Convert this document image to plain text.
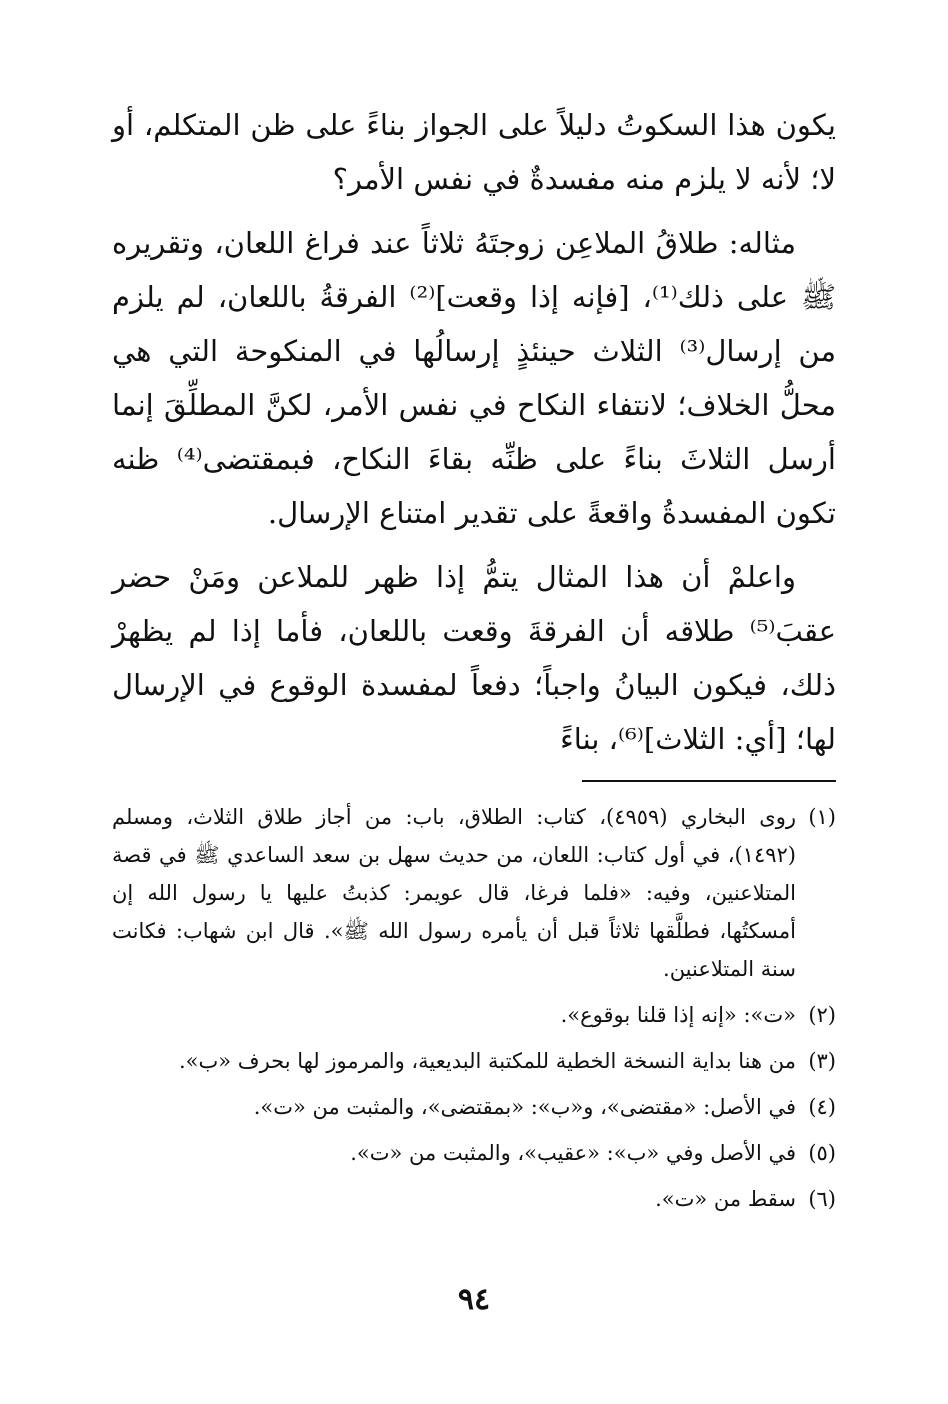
يكون هذا السكوتُ دليلاً على الجواز بناءً على ظن المتكلم، أو لا؛ لأنه لا يلزم منه مفسدةٌ في نفس الأمر؟

مثاله: طلاقُ الملاعِن زوجتَهُ ثلاثاً عند فراغ اللعان، وتقريره ﷺ على ذلك⁽¹⁾، [فإنه إذا وقعت]⁽²⁾ الفرقةُ باللعان، لم يلزم من إرسال⁽³⁾ الثلاث حينئذٍ إرسالُها في المنكوحة التي هي محلُّ الخلاف؛ لانتفاء النكاح في نفس الأمر، لكنَّ المطلِّقَ إنما أرسل الثلاثَ بناءً على ظنِّه بقاءَ النكاح، فبمقتضى⁽⁴⁾ ظنه تكون المفسدةُ واقعةً على تقدير امتناع الإرسال.

واعلمْ أن هذا المثال يتمُّ إذا ظهر للملاعن ومَنْ حضر عقبَ⁽⁵⁾ طلاقه أن الفرقةَ وقعت باللعان، فأما إذا لم يظهرْ ذلك، فيكون البيانُ واجباً؛ دفعاً لمفسدة الوقوع في الإرسال لها؛ [أي: الثلاث]⁽⁶⁾، بناءً

(١)
روى البخاري (٤٩٥٩)، كتاب: الطلاق، باب: من أجاز طلاق الثلاث، ومسلم (١٤٩٢)، في أول كتاب: اللعان، من حديث سهل بن سعد الساعدي ﷺ في قصة المتلاعنين، وفيه: «فلما فرغا، قال عويمر: كذبتُ عليها يا رسول الله إن أمسكتُها، فطلَّقها ثلاثاً قبل أن يأمره رسول الله ﷺ». قال ابن شهاب: فكانت سنة المتلاعنين.
(٢)
«ت»: «إنه إذا قلنا بوقوع».
(٣)
من هنا بداية النسخة الخطية للمكتبة البديعية، والمرموز لها بحرف «ب».
(٤)
في الأصل: «مقتضى»، و«ب»: «بمقتضى»، والمثبت من «ت».
(٥)
في الأصل وفي «ب»: «عقيب»، والمثبت من «ت».
(٦)
سقط من «ت».
٩٤
